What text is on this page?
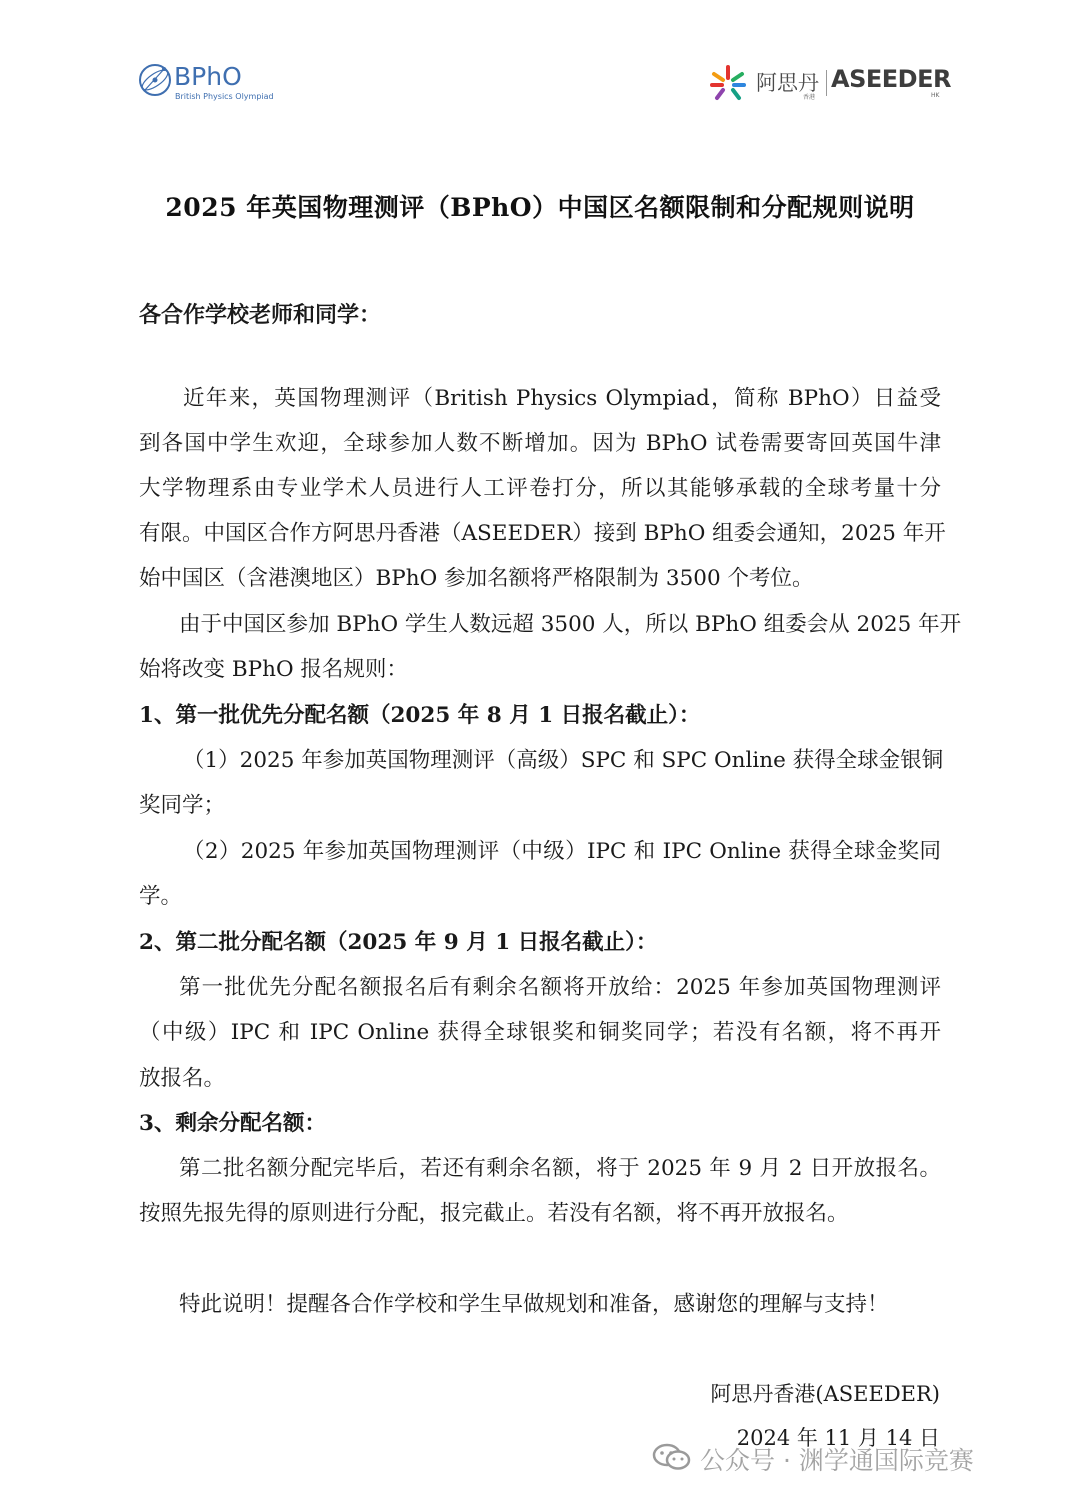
BPhO
British Physics Olympiad
阿思丹
香港
ASEEDER
HK
2025 年英国物理测评（BPhO）中国区名额限制和分配规则说明
各合作学校老师和同学：
近年来，英国物理测评（British Physics Olympiad，简称 BPhO）日益受
到各国中学生欢迎，全球参加人数不断增加。因为 BPhO 试卷需要寄回英国牛津
大学物理系由专业学术人员进行人工评卷打分，所以其能够承载的全球考量十分
有限。中国区合作方阿思丹香港（ASEEDER）接到 BPhO 组委会通知，2025 年开
始中国区（含港澳地区）BPhO 参加名额将严格限制为 3500 个考位。
由于中国区参加 BPhO 学生人数远超 3500 人，所以 BPhO 组委会从 2025 年开
始将改变 BPhO 报名规则：
1、第一批优先分配名额（2025 年 8 月 1 日报名截止）：
（1）2025 年参加英国物理测评（高级）SPC 和 SPC Online 获得全球金银铜
奖同学；
（2）2025 年参加英国物理测评（中级）IPC 和 IPC Online 获得全球金奖同
学。
2、第二批分配名额（2025 年 9 月 1 日报名截止）：
第一批优先分配名额报名后有剩余名额将开放给：2025 年参加英国物理测评
（中级）IPC 和 IPC Online 获得全球银奖和铜奖同学；若没有名额，将不再开
放报名。
3、剩余分配名额：
第二批名额分配完毕后，若还有剩余名额，将于 2025 年 9 月 2 日开放报名。
按照先报先得的原则进行分配，报完截止。若没有名额，将不再开放报名。
特此说明！提醒各合作学校和学生早做规划和准备，感谢您的理解与支持！
阿思丹香港(ASEEDER)
2024 年 11 月 14 日
公众号 · 渊学通国际竞赛
